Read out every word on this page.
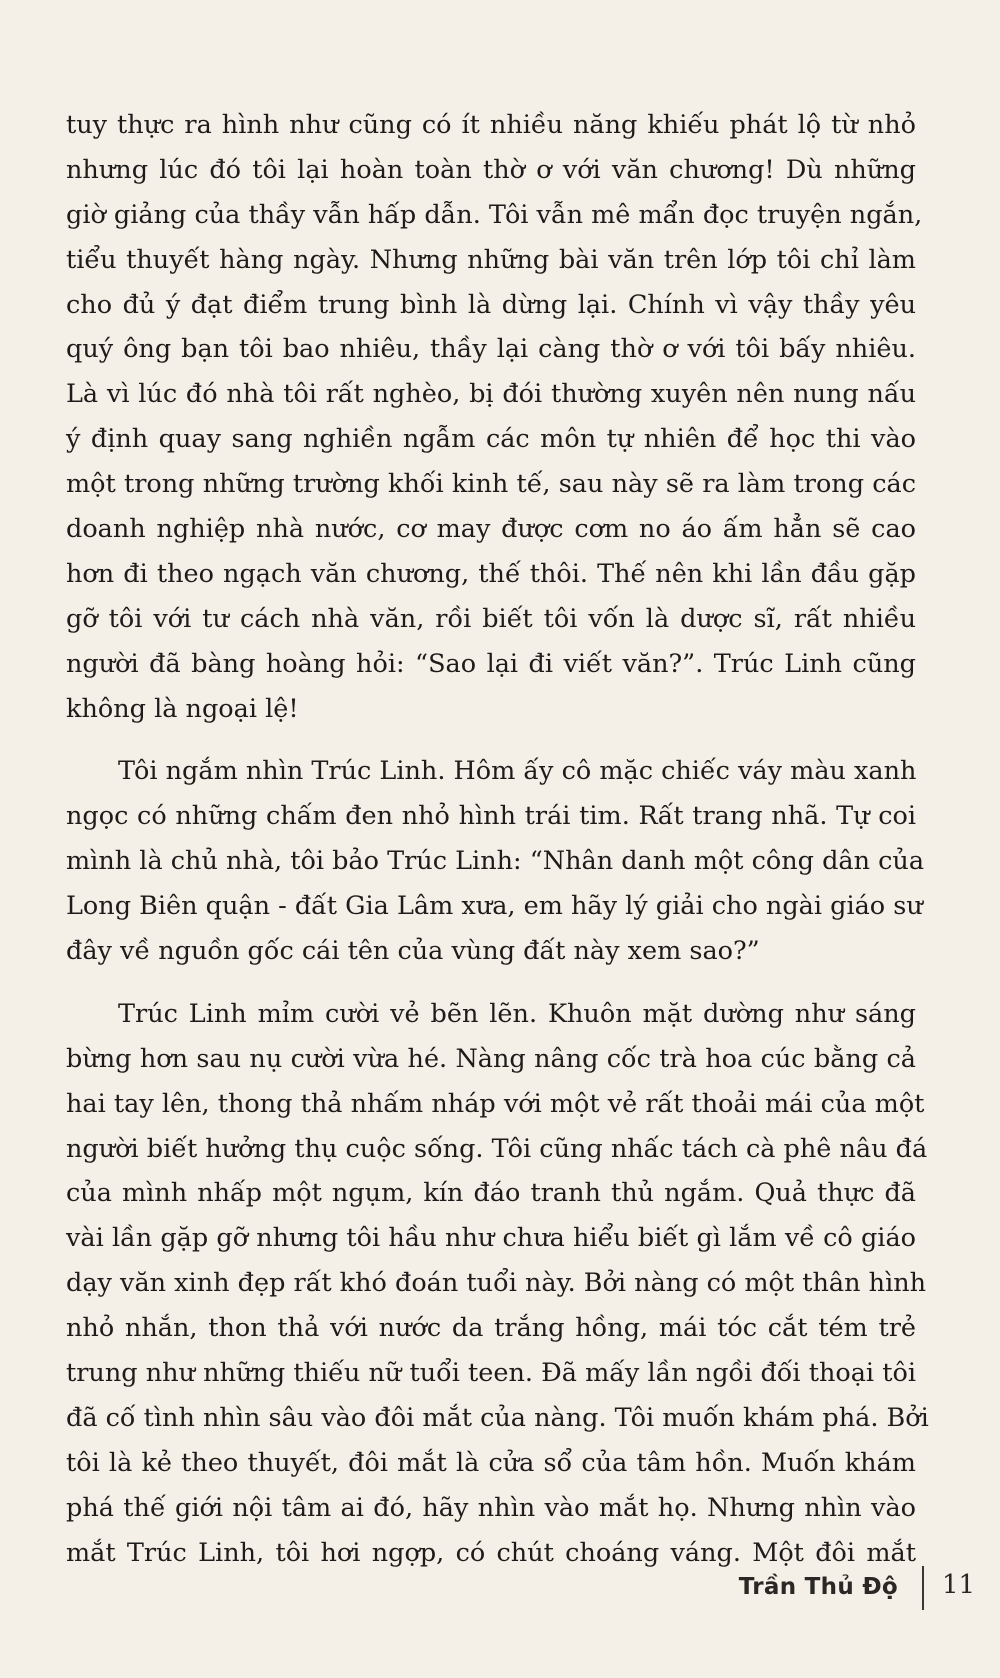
tuy thực ra hình như cũng có ít nhiều năng khiếu phát lộ từ nhỏ
nhưng lúc đó tôi lại hoàn toàn thờ ơ với văn chương! Dù những
giờ giảng của thầy vẫn hấp dẫn. Tôi vẫn mê mẩn đọc truyện ngắn,
tiểu thuyết hàng ngày. Nhưng những bài văn trên lớp tôi chỉ làm
cho đủ ý đạt điểm trung bình là dừng lại. Chính vì vậy thầy yêu
quý ông bạn tôi bao nhiêu, thầy lại càng thờ ơ với tôi bấy nhiêu.
Là vì lúc đó nhà tôi rất nghèo, bị đói thường xuyên nên nung nấu
ý định quay sang nghiền ngẫm các môn tự nhiên để học thi vào
một trong những trường khối kinh tế, sau này sẽ ra làm trong các
doanh nghiệp nhà nước, cơ may được cơm no áo ấm hẳn sẽ cao
hơn đi theo ngạch văn chương, thế thôi. Thế nên khi lần đầu gặp
gỡ tôi với tư cách nhà văn, rồi biết tôi vốn là dược sĩ, rất nhiều
người đã bàng hoàng hỏi: “Sao lại đi viết văn?”. Trúc Linh cũng
không là ngoại lệ!
Tôi ngắm nhìn Trúc Linh. Hôm ấy cô mặc chiếc váy màu xanh
ngọc có những chấm đen nhỏ hình trái tim. Rất trang nhã. Tự coi
mình là chủ nhà, tôi bảo Trúc Linh: “Nhân danh một công dân của
Long Biên quận - đất Gia Lâm xưa, em hãy lý giải cho ngài giáo sư
đây về nguồn gốc cái tên của vùng đất này xem sao?”
Trúc Linh mỉm cười vẻ bẽn lẽn. Khuôn mặt dường như sáng
bừng hơn sau nụ cười vừa hé. Nàng nâng cốc trà hoa cúc bằng cả
hai tay lên, thong thả nhấm nháp với một vẻ rất thoải mái của một
người biết hưởng thụ cuộc sống. Tôi cũng nhấc tách cà phê nâu đá
của mình nhấp một ngụm, kín đáo tranh thủ ngắm. Quả thực đã
vài lần gặp gỡ nhưng tôi hầu như chưa hiểu biết gì lắm về cô giáo
dạy văn xinh đẹp rất khó đoán tuổi này. Bởi nàng có một thân hình
nhỏ nhắn, thon thả với nước da trắng hồng, mái tóc cắt tém trẻ
trung như những thiếu nữ tuổi teen. Đã mấy lần ngồi đối thoại tôi
đã cố tình nhìn sâu vào đôi mắt của nàng. Tôi muốn khám phá. Bởi
tôi là kẻ theo thuyết, đôi mắt là cửa sổ của tâm hồn. Muốn khám
phá thế giới nội tâm ai đó, hãy nhìn vào mắt họ. Nhưng nhìn vào
mắt Trúc Linh, tôi hơi ngợp, có chút choáng váng. Một đôi mắt
Trần Thủ Độ 11
